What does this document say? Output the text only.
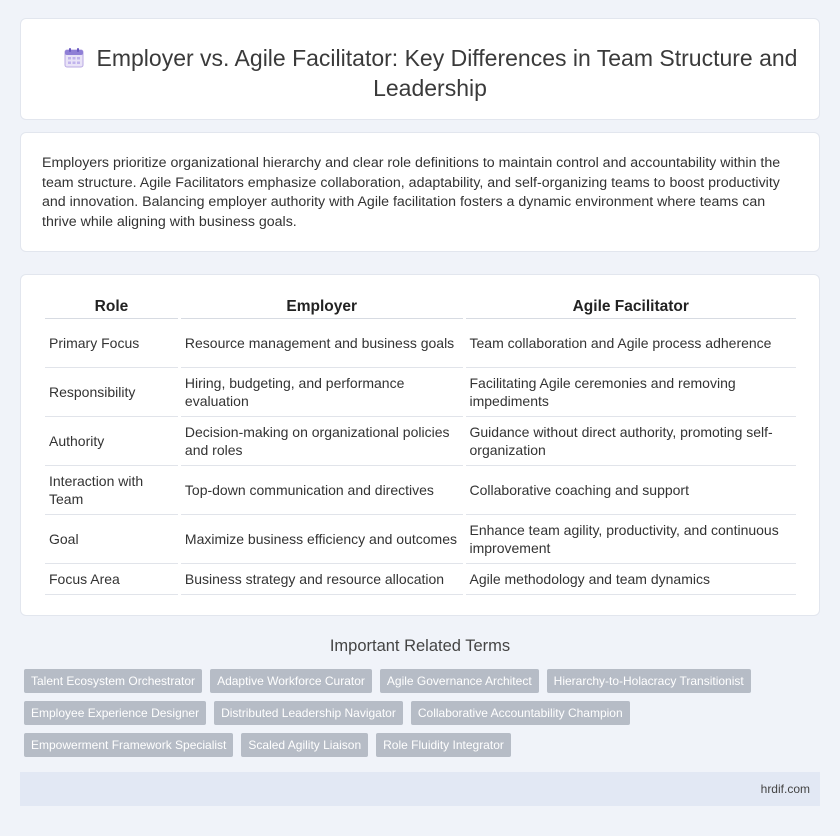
Employer vs. Agile Facilitator: Key Differences in Team Structure and Leadership

Employers prioritize organizational hierarchy and clear role definitions to maintain control and accountability within the team structure. Agile Facilitators emphasize collaboration, adaptability, and self-organizing teams to boost productivity and innovation. Balancing employer authority with Agile facilitation fosters a dynamic environment where teams can thrive while aligning with business goals.

Role	Employer	Agile Facilitator
Primary Focus	Resource management and business goals	Team collaboration and Agile process adherence
Responsibility	Hiring, budgeting, and performance evaluation	Facilitating Agile ceremonies and removing impediments
Authority	Decision-making on organizational policies and roles	Guidance without direct authority, promoting self-organization
Interaction with Team	Top-down communication and directives	Collaborative coaching and support
Goal	Maximize business efficiency and outcomes	Enhance team agility, productivity, and continuous improvement
Focus Area	Business strategy and resource allocation	Agile methodology and team dynamics
Important Related Terms
Talent Ecosystem Orchestrator	Adaptive Workforce Curator	Agile Governance Architect	Hierarchy-to-Holacracy Transitionist
Employee Experience Designer	Distributed Leadership Navigator	Collaborative Accountability Champion
Empowerment Framework Specialist	Scaled Agility Liaison	Role Fluidity Integrator
hrdif.com
